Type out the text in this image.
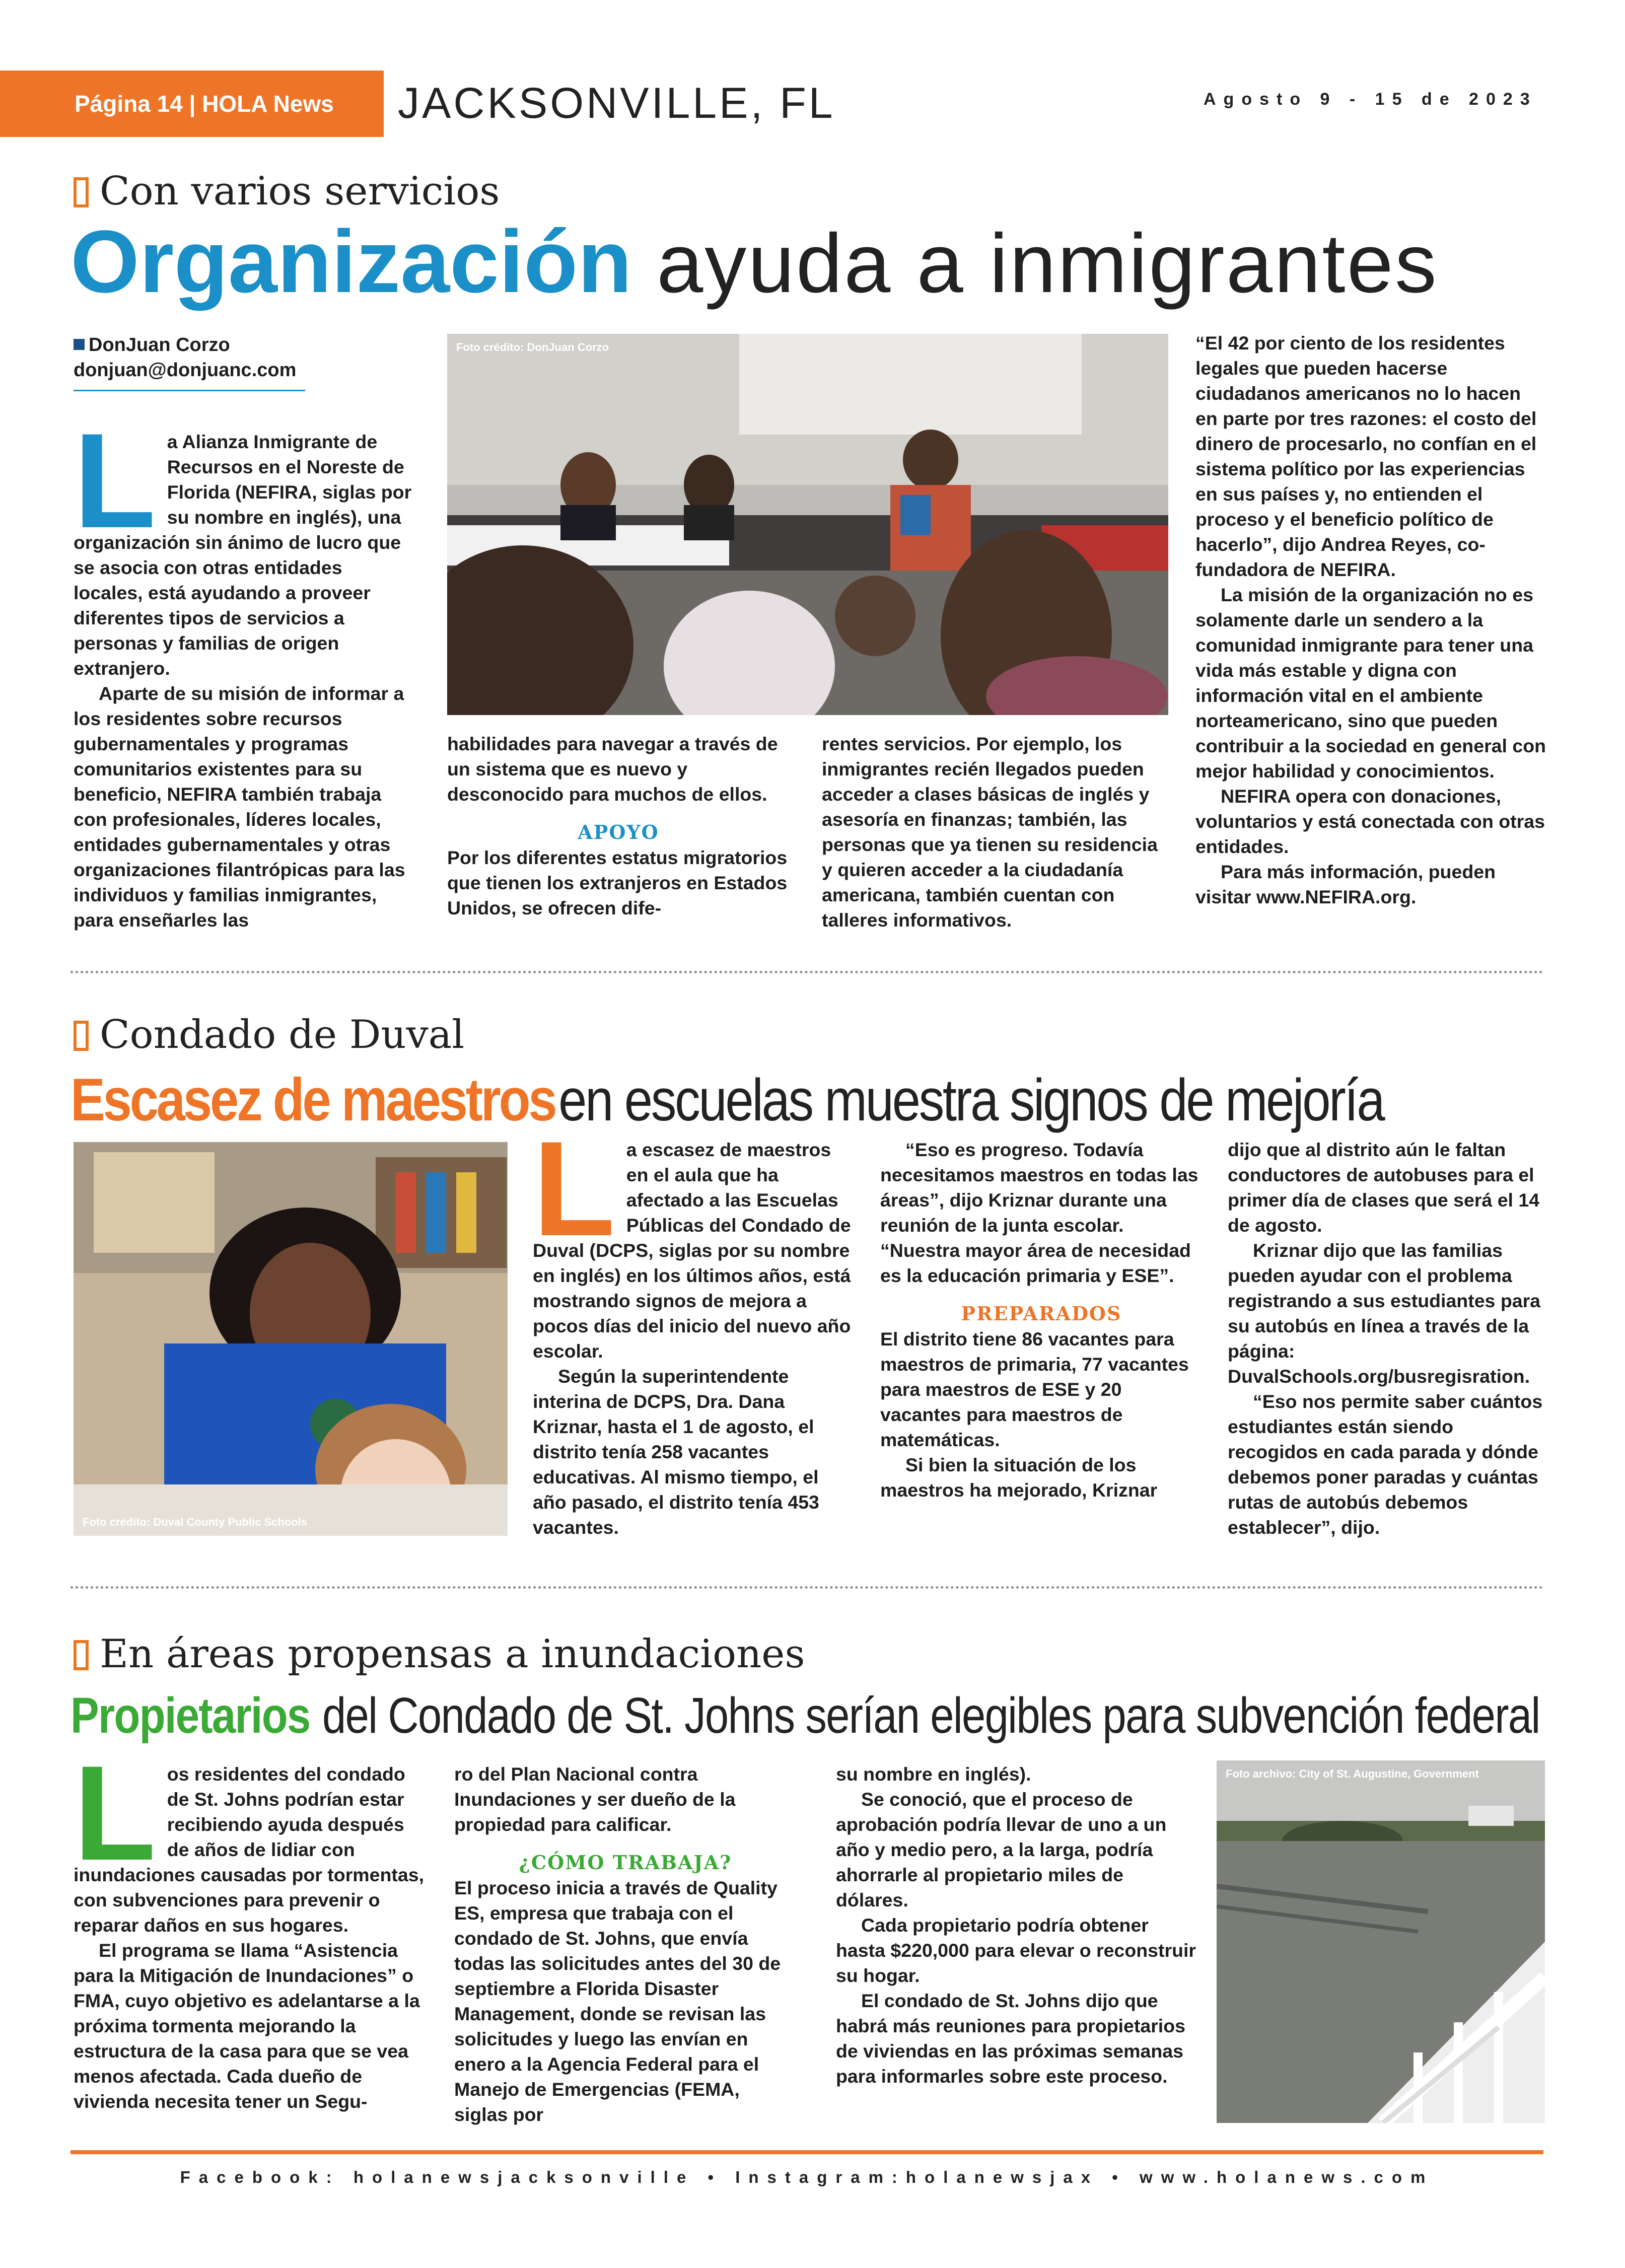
Página 14 | HOLA News	JACKSONVILLE, FL	Agosto 9 - 15 de 2023
Con varios servicios
Organización ayuda a inmigrantes
DonJuan Corzo
donjuan@donjuanc.com
L a Alianza Inmigrante de Recursos en el Noreste de Florida (NEFIRA, siglas por su nombre en inglés), una organización sin ánimo de lucro que se asocia con otras entidades locales, está ayudando a proveer diferentes tipos de servicios a personas y familias de origen extranjero.

Aparte de su misión de informar a los residentes sobre recursos gubernamentales y programas comunitarios existentes para su beneficio, NEFIRA también trabaja con profesionales, líderes locales, entidades gubernamentales y otras organizaciones filantrópicas para las individuos y familias inmigrantes, para enseñarles las

Foto crédito: DonJuan Corzo

habilidades para navegar a través de un sistema que es nuevo y desconocido para muchos de ellos.

APOYO

Por los diferentes estatus migratorios que tienen los extranjeros en Estados Unidos, se ofrecen dife-

rentes servicios. Por ejemplo, los inmigrantes recién llegados pueden acceder a clases básicas de inglés y asesoría en finanzas; también, las personas que ya tienen su residencia y quieren acceder a la ciudadanía americana, también cuentan con talleres informativos.

“El 42 por ciento de los residentes legales que pueden hacerse ciudadanos americanos no lo hacen en parte por tres razones: el costo del dinero de procesarlo, no confían en el sistema político por las experiencias en sus países y, no entienden el proceso y el beneficio político de hacerlo”, dijo Andrea Reyes, co-fundadora de NEFIRA.

La misión de la organización no es solamente darle un sendero a la comunidad inmigrante para tener una vida más estable y digna con información vital en el ambiente norteamericano, sino que pueden contribuir a la sociedad en general con mejor habilidad y conocimientos.

NEFIRA opera con donaciones, voluntarios y está conectada con otras entidades.

Para más información, pueden visitar www.NEFIRA.org.

Condado de Duval
Escasez de maestrosen escuelas muestra signos de mejoría
Foto crédito: Duval County Public Schools
L a escasez de maestros en el aula que ha afectado a las Escuelas Públicas del Condado de Duval (DCPS, siglas por su nombre en inglés) en los últimos años, está mostrando signos de mejora a pocos días del inicio del nuevo año escolar.

Según la superintendente interina de DCPS, Dra. Dana Kriznar, hasta el 1 de agosto, el distrito tenía 258 vacantes educativas. Al mismo tiempo, el año pasado, el distrito tenía 453 vacantes.

“Eso es progreso. Todavía necesitamos maestros en todas las áreas”, dijo Kriznar durante una reunión de la junta escolar. “Nuestra mayor área de necesidad es la educación primaria y ESE”.

PREPARADOS

El distrito tiene 86 vacantes para maestros de primaria, 77 vacantes para maestros de ESE y 20 vacantes para maestros de matemáticas.

Si bien la situación de los maestros ha mejorado, Kriznar

dijo que al distrito aún le faltan conductores de autobuses para el primer día de clases que será el 14 de agosto.

Kriznar dijo que las familias pueden ayudar con el problema registrando a sus estudiantes para su autobús en línea a través de la página: DuvalSchools.org/busregisration.

“Eso nos permite saber cuántos estudiantes están siendo recogidos en cada parada y dónde debemos poner paradas y cuántas rutas de autobús debemos establecer”, dijo.

En áreas propensas a inundaciones
Propietariosdel Condado de St. Johns serían elegibles para subvención federal
L os residentes del condado de St. Johns podrían estar recibiendo ayuda después de años de lidiar con inundaciones causadas por tormentas, con subvenciones para prevenir o reparar daños en sus hogares.

El programa se llama “Asistencia para la Mitigación de Inundaciones” o FMA, cuyo objetivo es adelantarse a la próxima tormenta mejorando la estructura de la casa para que se vea menos afectada. Cada dueño de vivienda necesita tener un Segu-

ro del Plan Nacional contra Inundaciones y ser dueño de la propiedad para calificar.

¿CÓMO TRABAJA?

El proceso inicia a través de Quality ES, empresa que trabaja con el condado de St. Johns, que envía todas las solicitudes antes del 30 de septiembre a Florida Disaster Management, donde se revisan las solicitudes y luego las envían en enero a la Agencia Federal para el Manejo de Emergencias (FEMA, siglas por

su nombre en inglés).

Se conoció, que el proceso de aprobación podría llevar de uno a un año y medio pero, a la larga, podría ahorrarle al propietario miles de dólares.

Cada propietario podría obtener hasta $220,000 para elevar o reconstruir su hogar.

El condado de St. Johns dijo que habrá más reuniones para propietarios de viviendas en las próximas semanas para informarles sobre este proceso.

Foto archivo: City of St. Augustine, Government
Facebook: holanewsjacksonville • Instagram:holanewsjax • www.holanews.com
